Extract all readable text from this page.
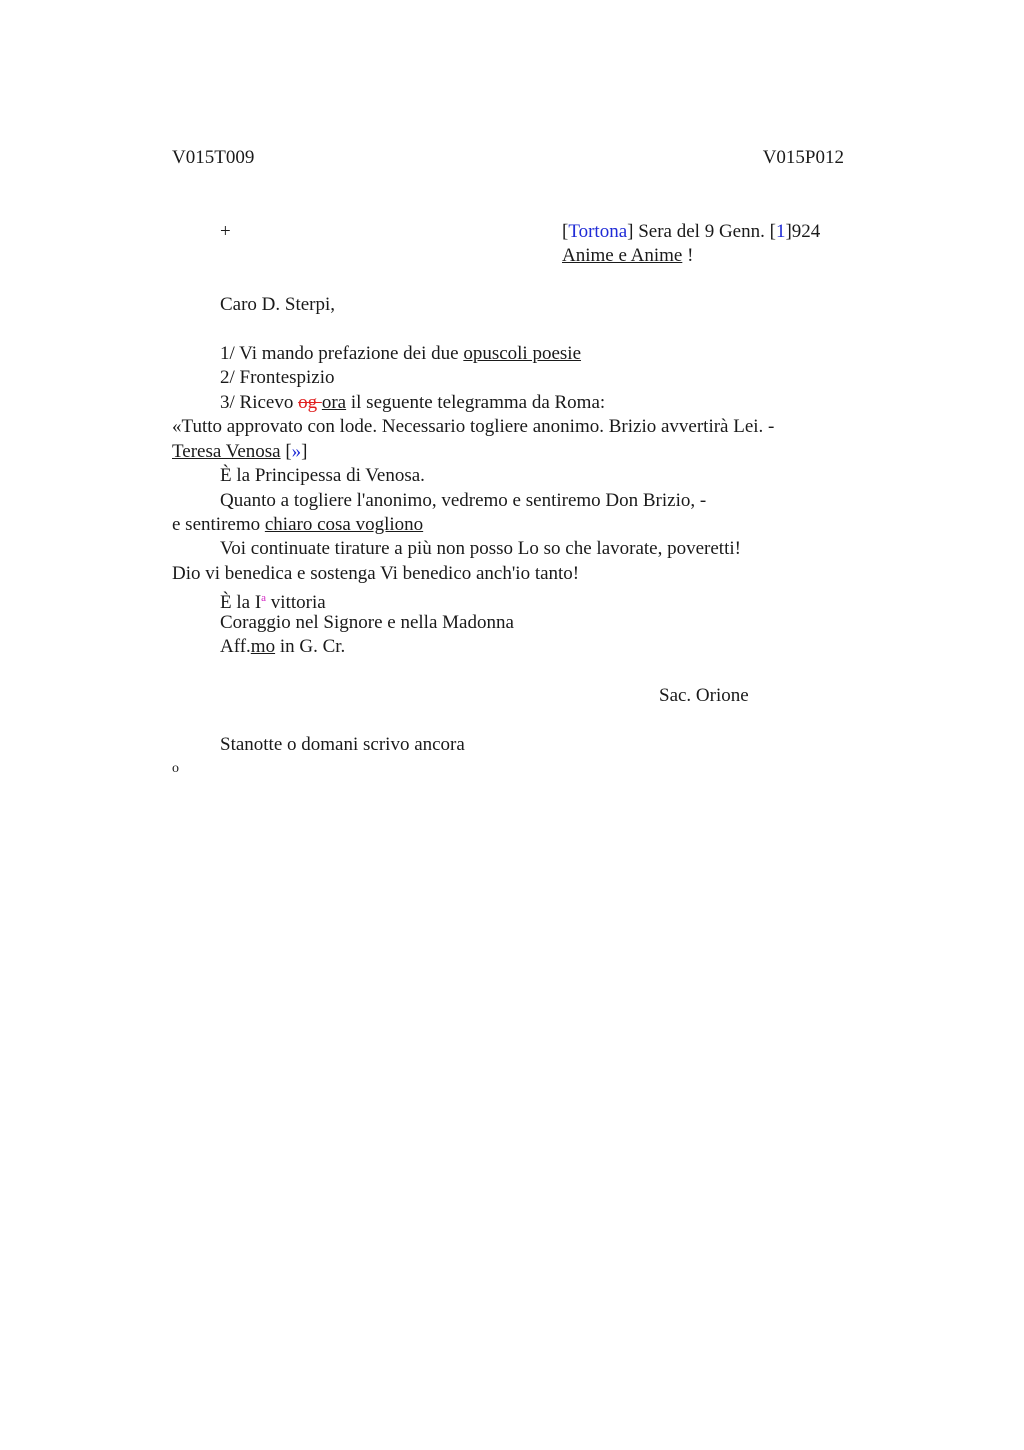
V015T009	V015P012
+	[Tortona] Sera del 9 Genn. [1]924
Anime e Anime !
Caro D. Sterpi,
1/ Vi mando prefazione dei due opuscoli poesie
2/ Frontespizio
3/ Ricevo og ora il seguente telegramma da Roma:
«Tutto approvato con lode. Necessario togliere anonimo. Brizio avvertirà Lei. -
Teresa Venosa [»]
È la Principessa di Venosa.
Quanto a togliere l'anonimo, vedremo e sentiremo Don Brizio, -
e sentiremo chiaro cosa vogliono
Voi continuate tirature a più non posso Lo so che lavorate, poveretti!
Dio vi benedica e sostenga Vi benedico anch'io tanto!
È la $I^a$ vittoria
Coraggio nel Signore e nella Madonna
Aff.mo in G. Cr.
Sac. Orione
Stanotte o domani scrivo ancora
o
